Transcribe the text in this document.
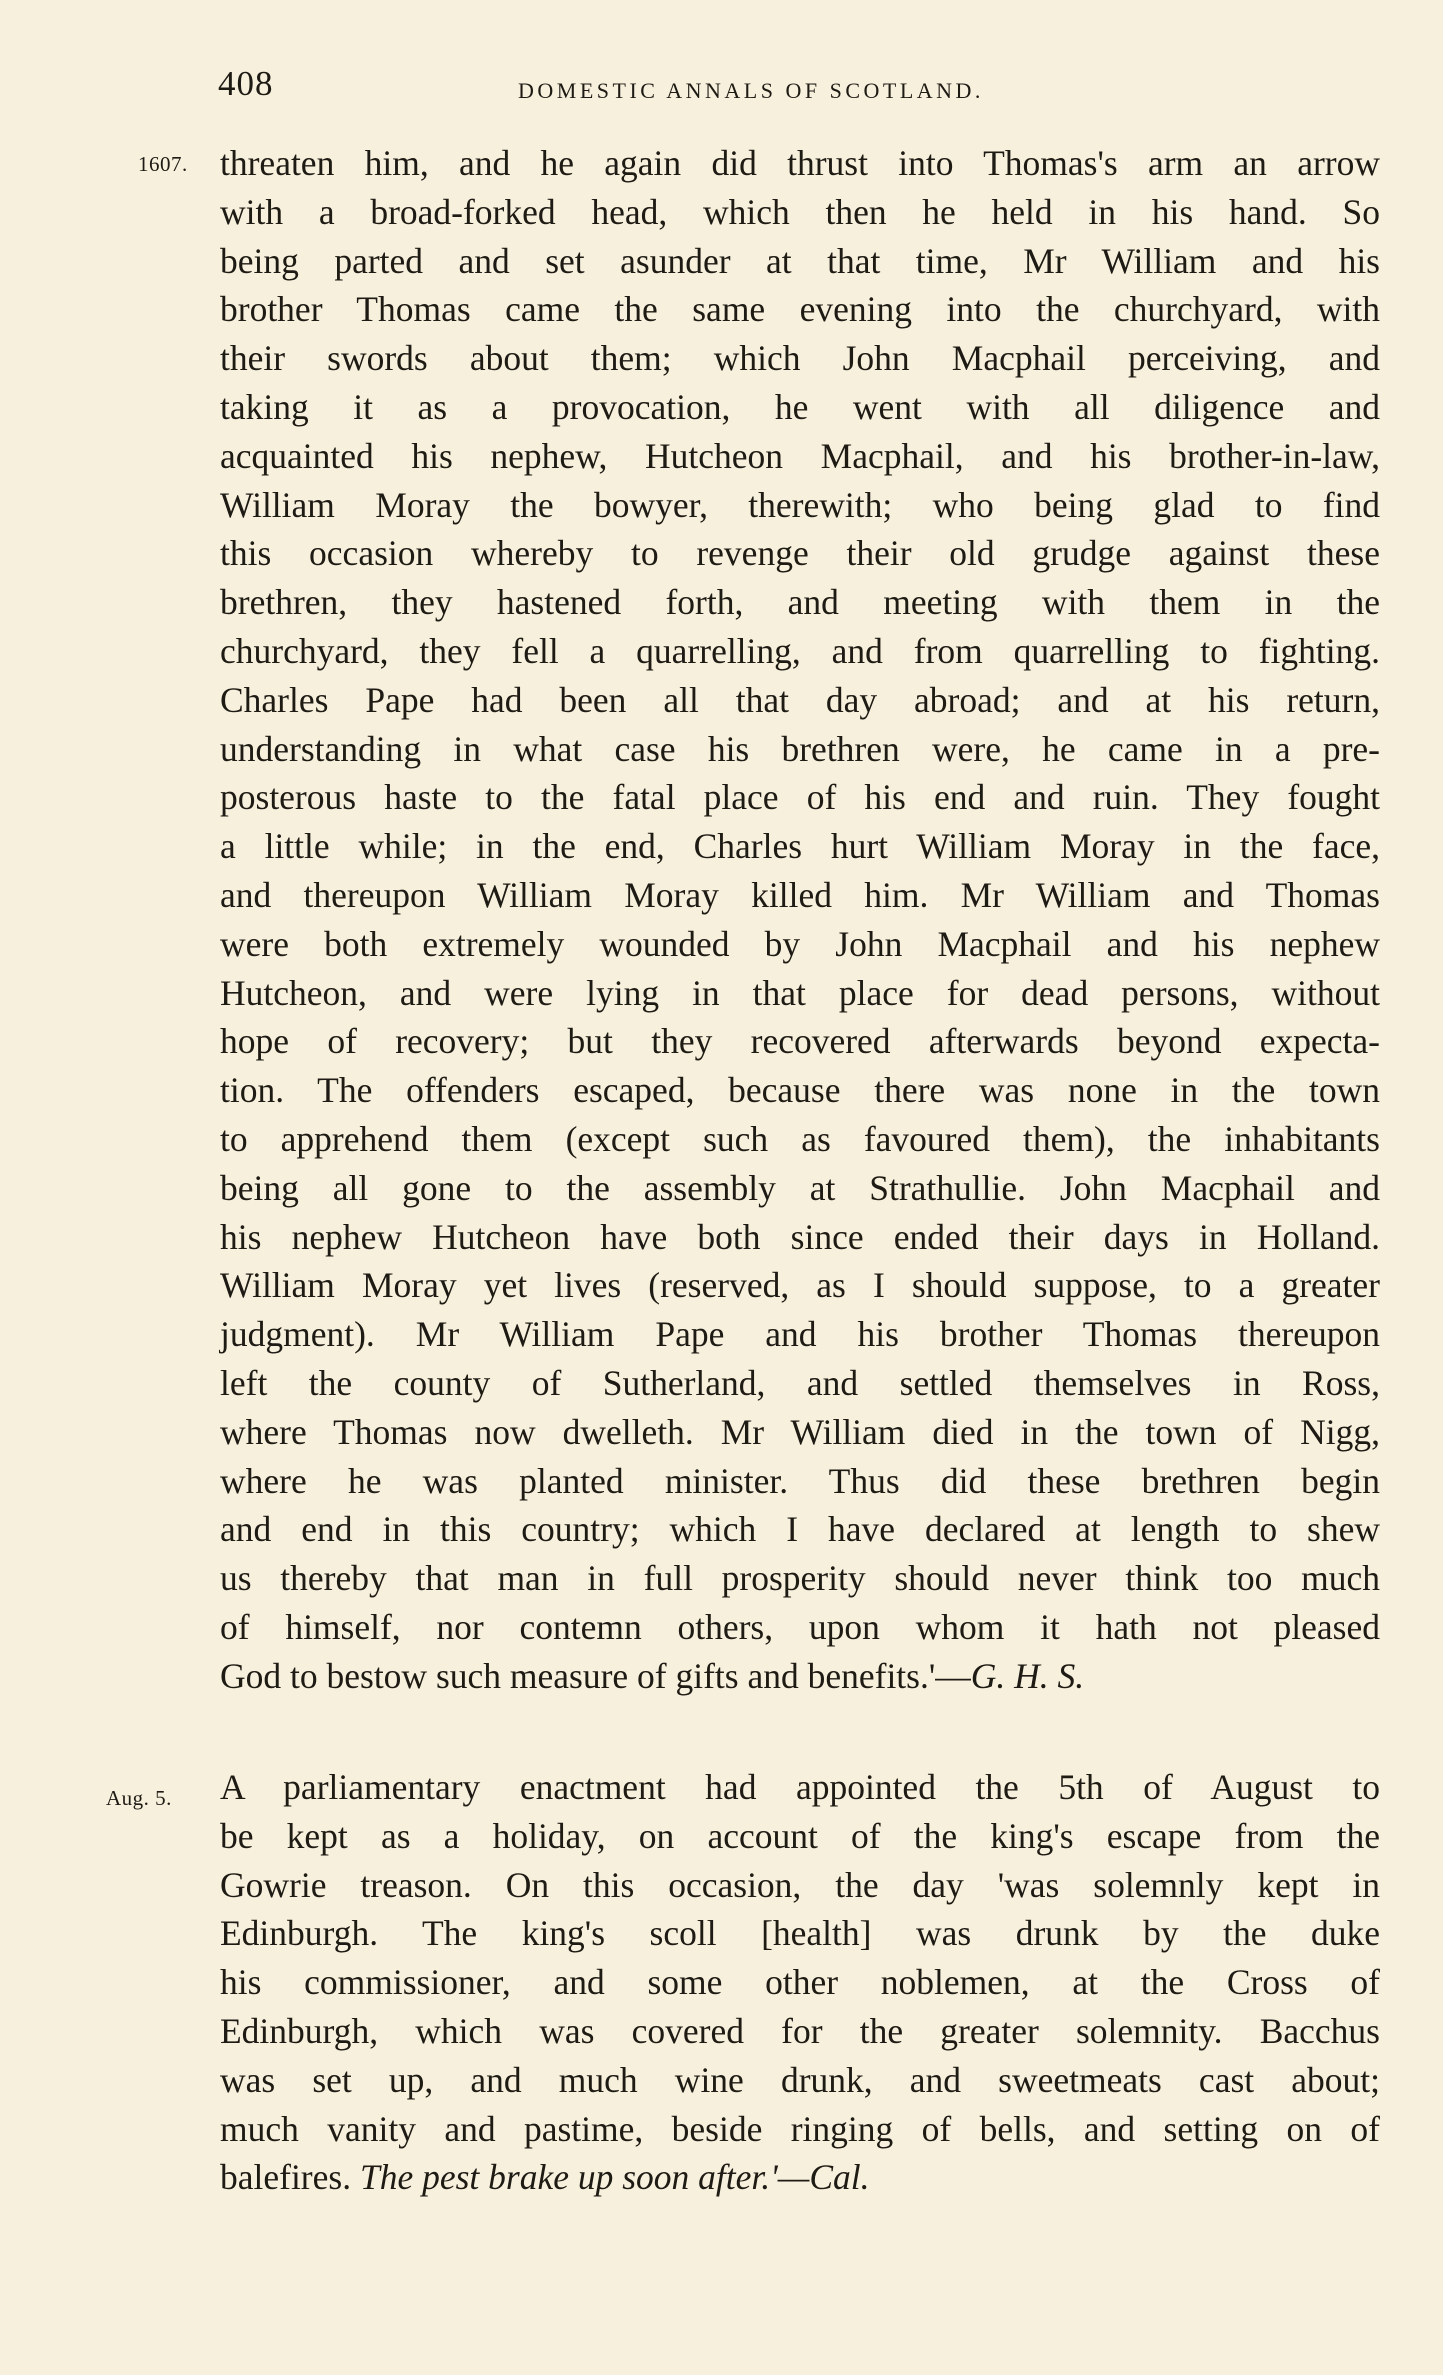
408	DOMESTIC ANNALS OF SCOTLAND.
1607.
Aug. 5.
threaten him, and he again did thrust into Thomas's arm an arrow
with a broad-forked head, which then he held in his hand. So
being parted and set asunder at that time, Mr William and his
brother Thomas came the same evening into the churchyard, with
their swords about them; which John Macphail perceiving, and
taking it as a provocation, he went with all diligence and
acquainted his nephew, Hutcheon Macphail, and his brother-in-law,
William Moray the bowyer, therewith; who being glad to find
this occasion whereby to revenge their old grudge against these
brethren, they hastened forth, and meeting with them in the
churchyard, they fell a quarrelling, and from quarrelling to fighting.
Charles Pape had been all that day abroad; and at his return,
understanding in what case his brethren were, he came in a pre-
posterous haste to the fatal place of his end and ruin. They fought
a little while; in the end, Charles hurt William Moray in the face,
and thereupon William Moray killed him. Mr William and Thomas
were both extremely wounded by John Macphail and his nephew
Hutcheon, and were lying in that place for dead persons, without
hope of recovery; but they recovered afterwards beyond expecta-
tion. The offenders escaped, because there was none in the town
to apprehend them (except such as favoured them), the inhabitants
being all gone to the assembly at Strathullie. John Macphail and
his nephew Hutcheon have both since ended their days in Holland.
William Moray yet lives (reserved, as I should suppose, to a greater
judgment). Mr William Pape and his brother Thomas thereupon
left the county of Sutherland, and settled themselves in Ross,
where Thomas now dwelleth. Mr William died in the town of Nigg,
where he was planted minister. Thus did these brethren begin
and end in this country; which I have declared at length to shew
us thereby that man in full prosperity should never think too much
of himself, nor contemn others, upon whom it hath not pleased
God to bestow such measure of gifts and benefits.'—G. H. S.
A parliamentary enactment had appointed the 5th of August to
be kept as a holiday, on account of the king's escape from the
Gowrie treason. On this occasion, the day 'was solemnly kept in
Edinburgh. The king's scoll [health] was drunk by the duke
his commissioner, and some other noblemen, at the Cross of
Edinburgh, which was covered for the greater solemnity. Bacchus
was set up, and much wine drunk, and sweetmeats cast about;
much vanity and pastime, beside ringing of bells, and setting on of
balefires. The pest brake up soon after.'—Cal.
